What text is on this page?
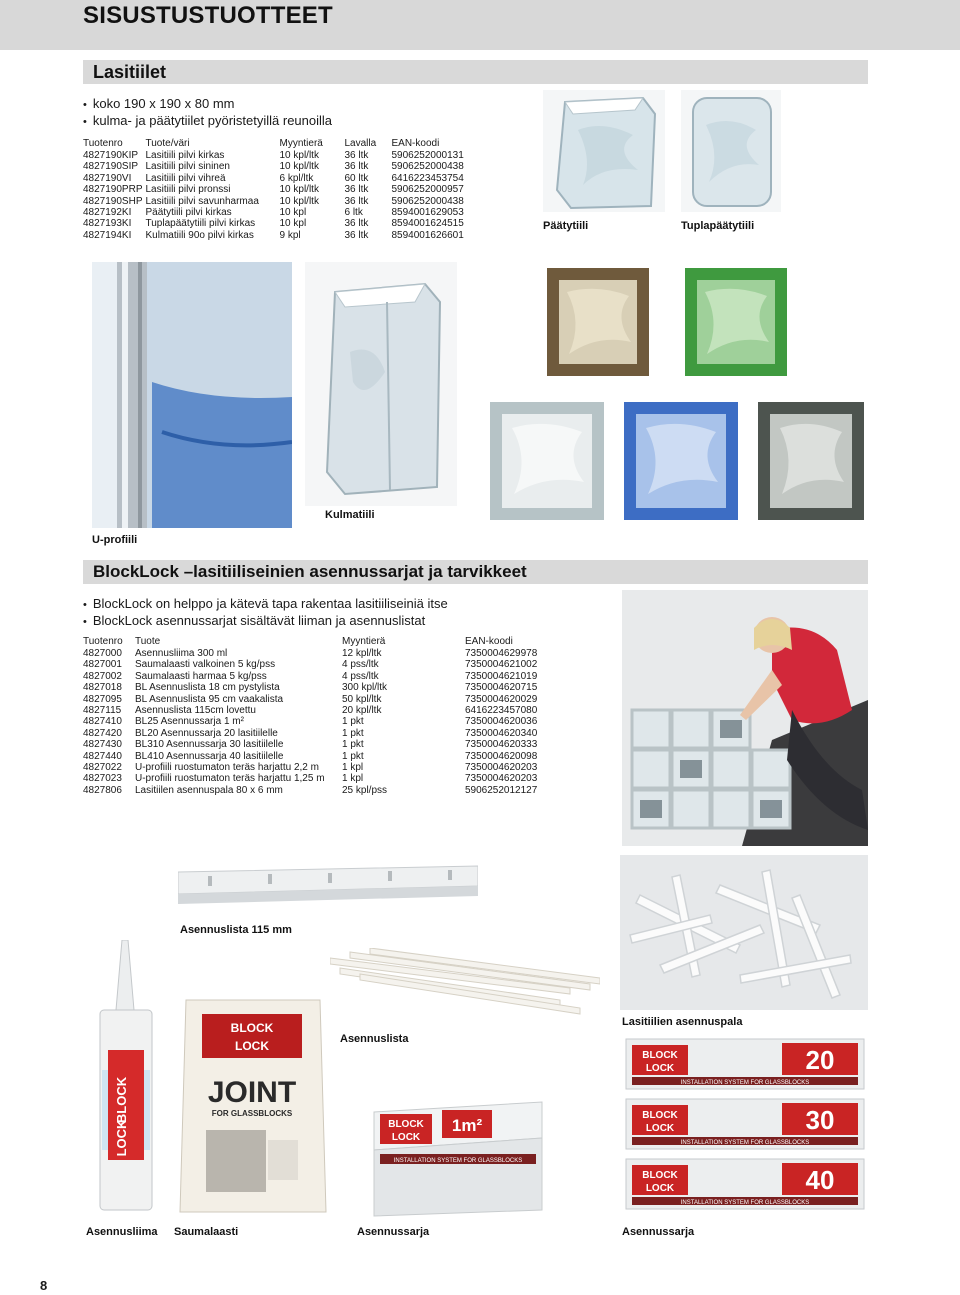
SISUSTUSTUOTTEET
Lasitiilet
• koko 190 x 190 x 80 mm
• kulma- ja päätytiilet pyöristetyillä reunoilla
Tuotenro	Tuote/väri	Myyntierä	Lavalla	EAN-koodi
4827190KIP	Lasitiili pilvi kirkas	10 kpl/ltk	36 ltk	5906252000131
4827190SIP	Lasitiili pilvi sininen	10 kpl/ltk	36 ltk	5906252000438
4827190VI	Lasitiili pilvi vihreä	6 kpl/ltk	60 ltk	6416223453754
4827190PRP	Lasitiili pilvi pronssi	10 kpl/ltk	36 ltk	5906252000957
4827190SHP	Lasitiili pilvi savunharmaa	10 kpl/ltk	36 ltk	5906252000438
4827192KI	Päätytiili pilvi kirkas	10 kpl	6 ltk	8594001629053
4827193KI	Tuplapäätytiili pilvi kirkas	10 kpl	36 ltk	8594001624515
4827194KI	Kulmatiili 90o pilvi kirkas	9 kpl	36 ltk	8594001626601
Päätytiili	Tuplapäätytiili
U-profiili
Kulmatiili
BlockLock –lasitiiliseinien asennussarjat ja tarvikkeet
• BlockLock on helppo ja kätevä tapa rakentaa lasitiiliseiniä itse
• BlockLock asennussarjat sisältävät liiman ja asennuslistat
Tuotenro	Tuote	Myyntierä	EAN-koodi
4827000	Asennusliima 300 ml	12 kpl/ltk	7350004629978
4827001	Saumalaasti valkoinen 5 kg/pss	4 pss/ltk	7350004621002
4827002	Saumalaasti harmaa 5 kg/pss	4 pss/ltk	7350004621019
4827018	BL Asennuslista 18 cm pystylista	300 kpl/ltk	7350004620715
4827095	BL Asennuslista 95 cm vaakalista	50 kpl/ltk	7350004620029
4827115	Asennuslista 115cm lovettu	20 kpl/ltk	6416223457080
4827410	BL25 Asennussarja 1 m²	1 pkt	7350004620036
4827420	BL20 Asennussarja 20 lasitiilelle	1 pkt	7350004620340
4827430	BL310 Asennussarja 30 lasitiilelle	1 pkt	7350004620333
4827440	BL410 Asennussarja 40 lasitiilelle	1 pkt	7350004620098
4827022	U-profiili ruostumaton teräs harjattu 2,2 m	1 kpl	7350004620203
4827023	U-profiili ruostumaton teräs harjattu 1,25 m	1 kpl	7350004620203
4827806	Lasitiilen asennuspala 80 x 6 mm	25 kpl/pss	5906252012127
Asennuslista 115 mm
Lasitiilien asennuspala
Asennuslista
BLOCK
LOCK
Asennusliima
BLOCK
LOCK
JOINT
FOR GLASSBLOCKS
Saumalaasti
BLOCK
LOCK
1m²
INSTALLATION SYSTEM FOR GLASSBLOCKS
Asennussarja
BLOCK
LOCK	20
INSTALLATION SYSTEM FOR GLASSBLOCKS
BLOCK
LOCK	30
INSTALLATION SYSTEM FOR GLASSBLOCKS
BLOCK
LOCK	40
INSTALLATION SYSTEM FOR GLASSBLOCKS
Asennussarja
8
